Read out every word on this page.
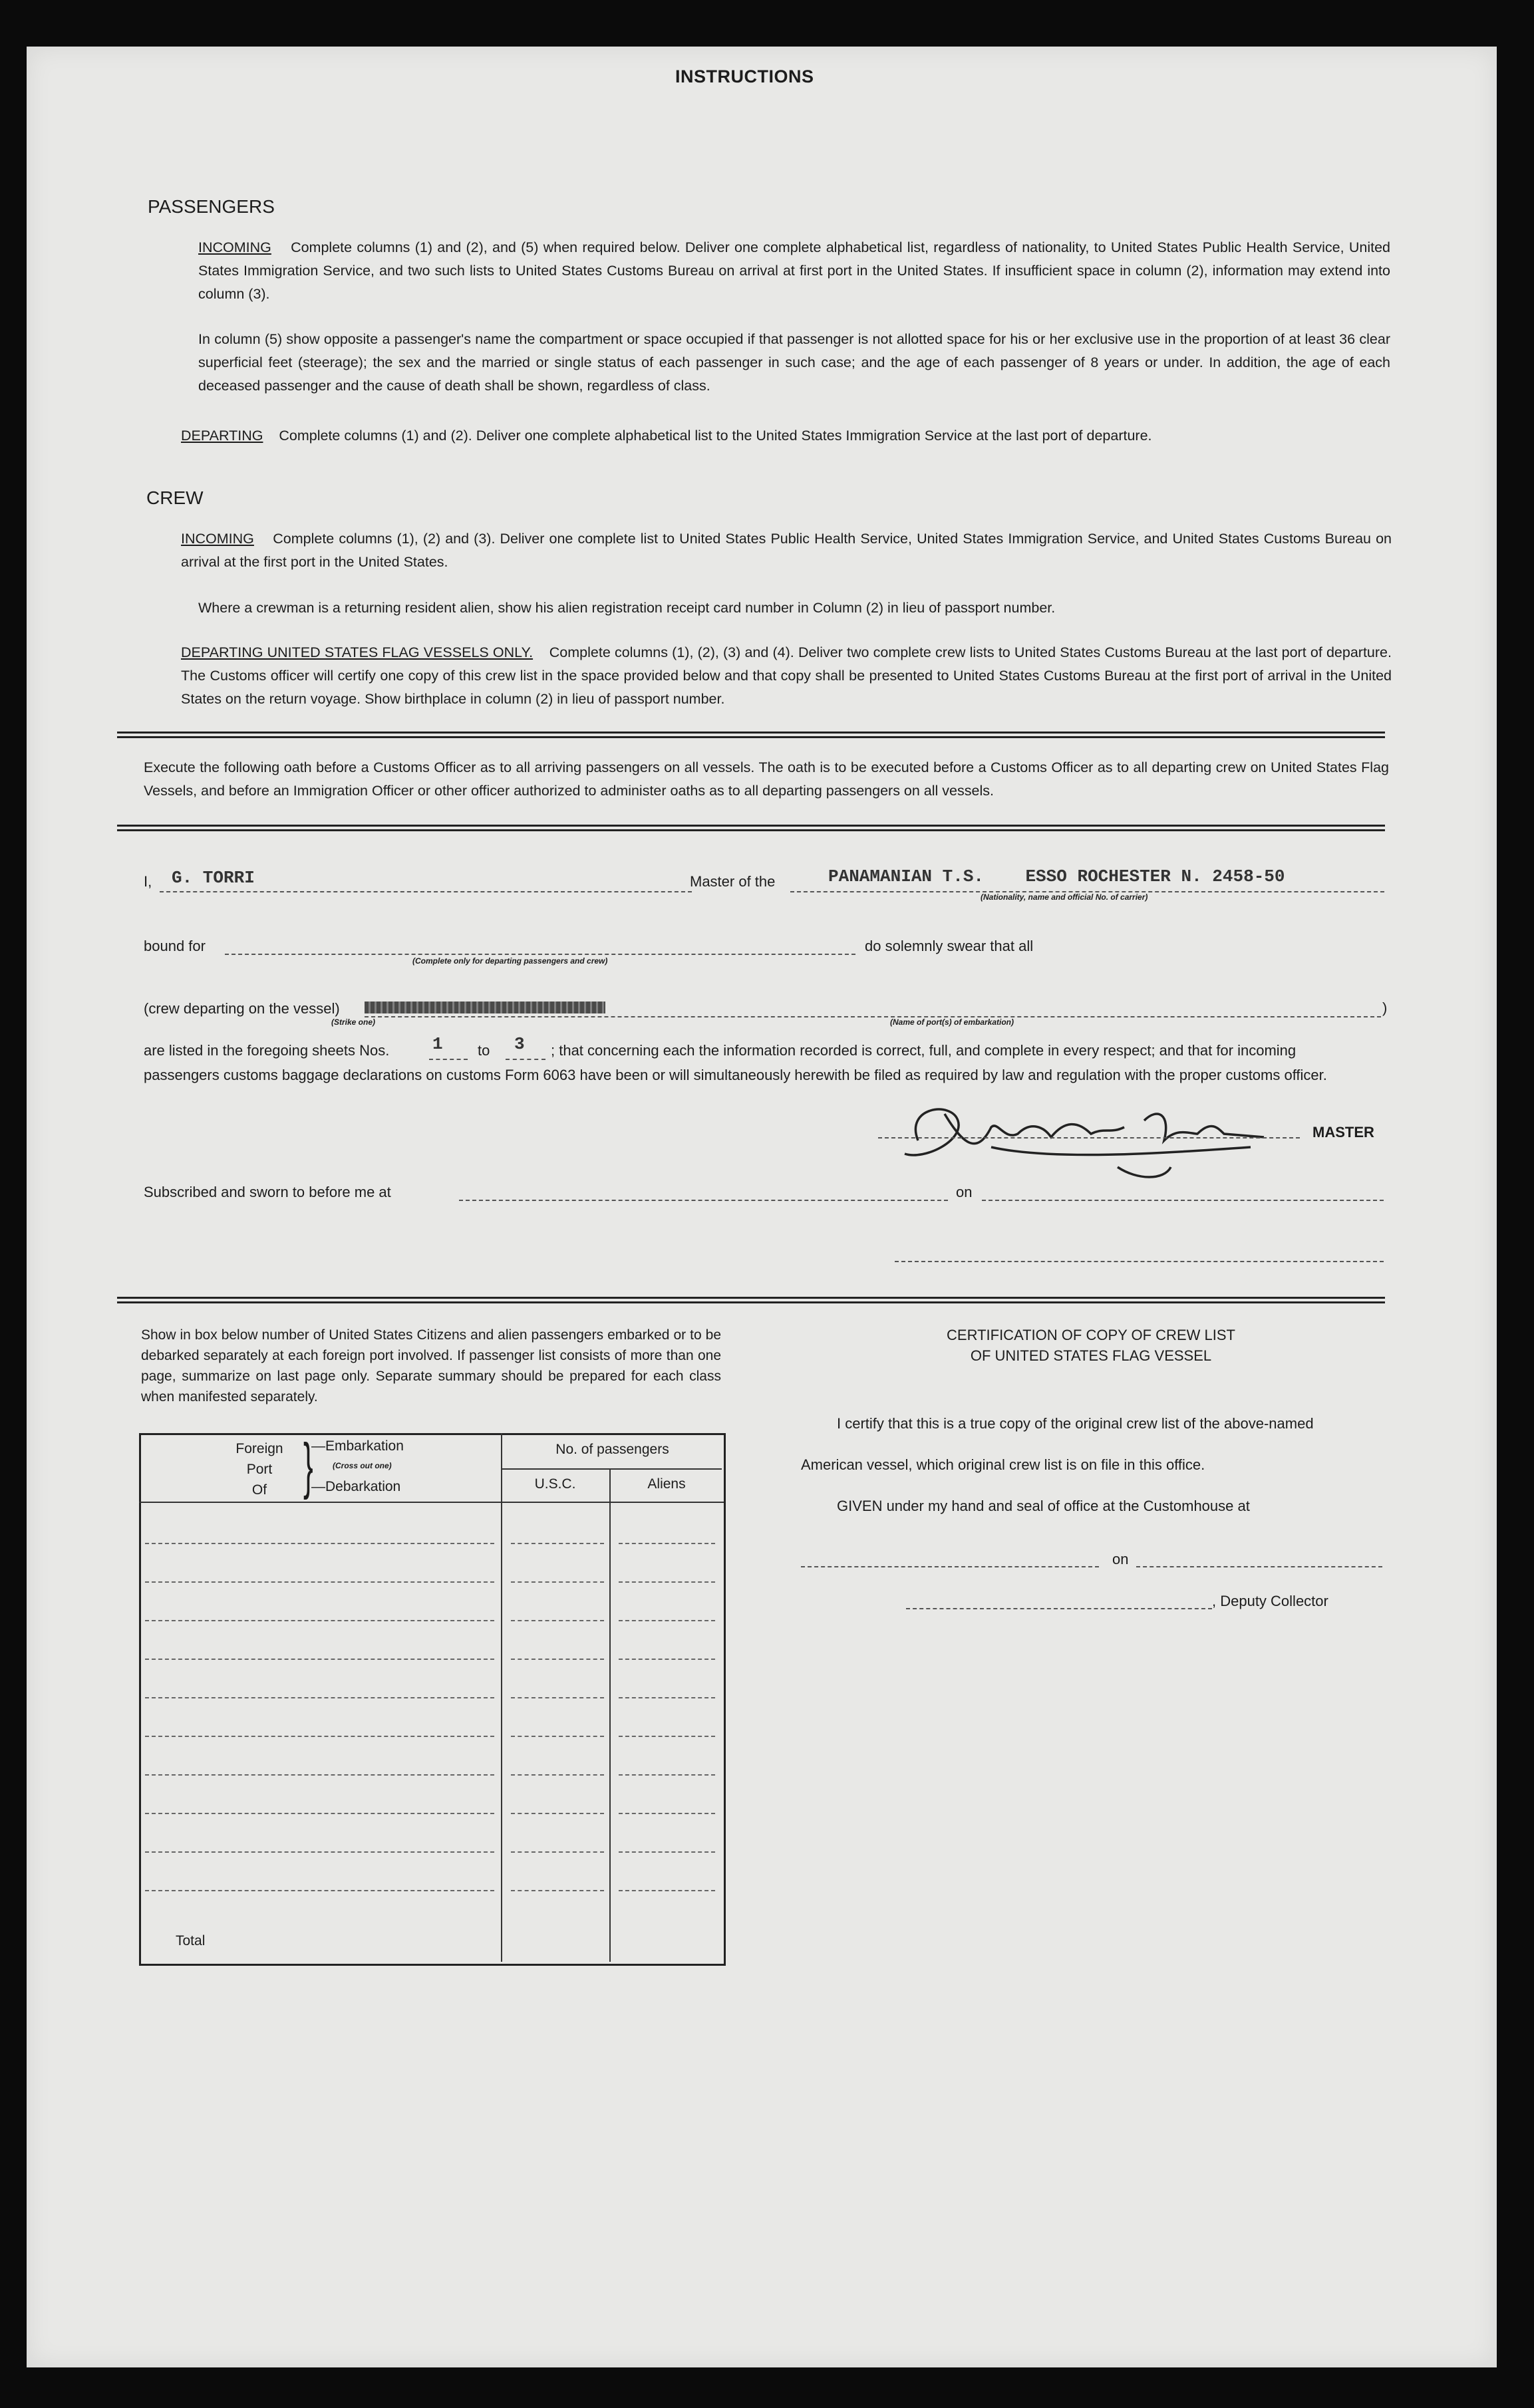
INSTRUCTIONS
PASSENGERS
INCOMING Complete columns (1) and (2), and (5) when required below. Deliver one complete alphabetical list, regardless of nationality, to United States Public Health Service, United States Immigration Service, and two such lists to United States Customs Bureau on arrival at first port in the United States. If insufficient space in column (2), information may extend into column (3).
In column (5) show opposite a passenger's name the compartment or space occupied if that passenger is not allotted space for his or her exclusive use in the proportion of at least 36 clear superficial feet (steerage); the sex and the married or single status of each passenger in such case; and the age of each passenger of 8 years or under. In addition, the age of each deceased passenger and the cause of death shall be shown, regardless of class.
DEPARTING Complete columns (1) and (2). Deliver one complete alphabetical list to the United States Immigration Service at the last port of departure.
CREW
INCOMING Complete columns (1), (2) and (3). Deliver one complete list to United States Public Health Service, United States Immigration Service, and United States Customs Bureau on arrival at the first port in the United States.
Where a crewman is a returning resident alien, show his alien registration receipt card number in Column (2) in lieu of passport number.
DEPARTING UNITED STATES FLAG VESSELS ONLY. Complete columns (1), (2), (3) and (4). Deliver two complete crew lists to United States Customs Bureau at the last port of departure. The Customs officer will certify one copy of this crew list in the space provided below and that copy shall be presented to United States Customs Bureau at the first port of arrival in the United States on the return voyage. Show birthplace in column (2) in lieu of passport number.
Execute the following oath before a Customs Officer as to all arriving passengers on all vessels. The oath is to be executed before a Customs Officer as to all departing crew on United States Flag Vessels, and before an Immigration Officer or other officer authorized to administer oaths as to all departing passengers on all vessels.
I, G. TORRI	Master of the	PANAMANIAN T.S.    ESSO ROCHESTER N. 2458-50
(Nationality, name and official No. of carrier)
bound for
(Complete only for departing passengers and crew)
do solemnly swear that all
(crew departing on the vessel)
(Strike one)	(Name of port(s) of embarkation)
)
are listed in the foregoing sheets Nos. 1 to 3 ; that concerning each the information recorded is correct, full, and complete in every respect; and that for incoming
passengers customs baggage declarations on customs Form 6063 have been or will simultaneously herewith be filed as required by law and regulation with the proper customs officer.
MASTER
Subscribed and sworn to before me at	on
Show in box below number of United States Citizens and alien passengers embarked or to be debarked separately at each foreign port involved. If passenger list consists of more than one page, summarize on last page only. Separate summary should be prepared for each class when manifested separately.
Foreign
Port
Of	}
—Embarkation
(Cross out one)
—Debarkation
No. of passengers
U.S.C.	Aliens
Total
CERTIFICATION OF COPY OF CREW LIST
OF UNITED STATES FLAG VESSEL
I certify that this is a true copy of the original crew list of the above-named
American vessel, which original crew list is on file in this office.
GIVEN under my hand and seal of office at the Customhouse at
on
, Deputy Collector
